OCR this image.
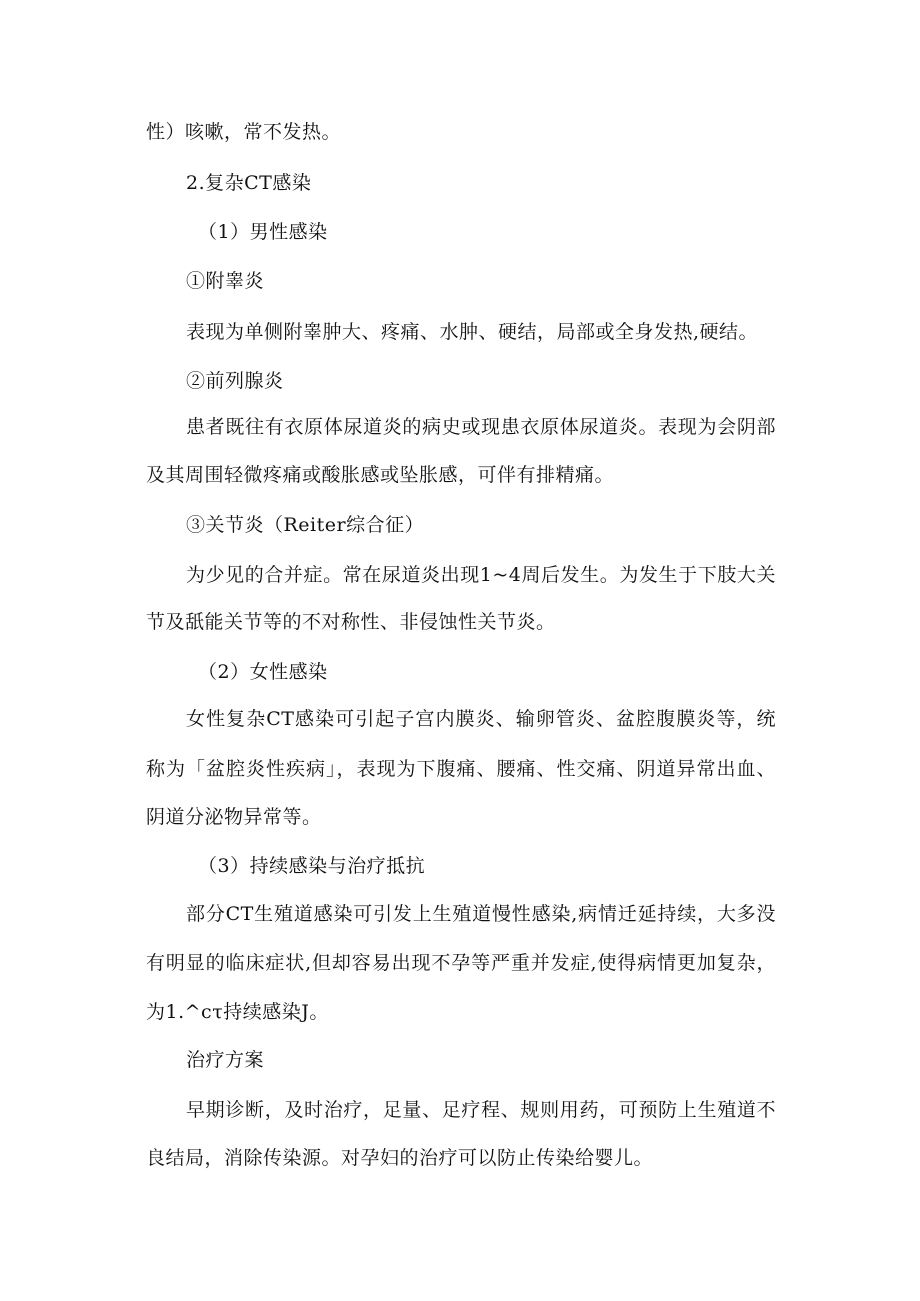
性）咳嗽，常不发热。
2.复杂CT感染
（1）男性感染
①附睾炎
表现为单侧附睾肿大、疼痛、水肿、硬结，局部或全身发热,硬结。
②前列腺炎
患者既往有衣原体尿道炎的病史或现患衣原体尿道炎。表现为会阴部
及其周围轻微疼痛或酸胀感或坠胀感，可伴有排精痛。
③关节炎（Reiter综合征）
为少见的合并症。常在尿道炎出现1~4周后发生。为发生于下肢大关
节及舐能关节等的不对称性、非侵蚀性关节炎。
（2）女性感染
女性复杂CT感染可引起子宫内膜炎、输卵管炎、盆腔腹膜炎等，统
称为「盆腔炎性疾病」，表现为下腹痛、腰痛、性交痛、阴道异常出血、
阴道分泌物异常等。
（3）持续感染与治疗抵抗
部分CT生殖道感染可引发上生殖道慢性感染,病情迁延持续，大多没
有明显的临床症状,但却容易出现不孕等严重并发症,使得病情更加复杂，
为1.^cτ持续感染J。
治疗方案
早期诊断，及时治疗，足量、足疗程、规则用药，可预防上生殖道不
良结局，消除传染源。对孕妇的治疗可以防止传染给婴儿。
